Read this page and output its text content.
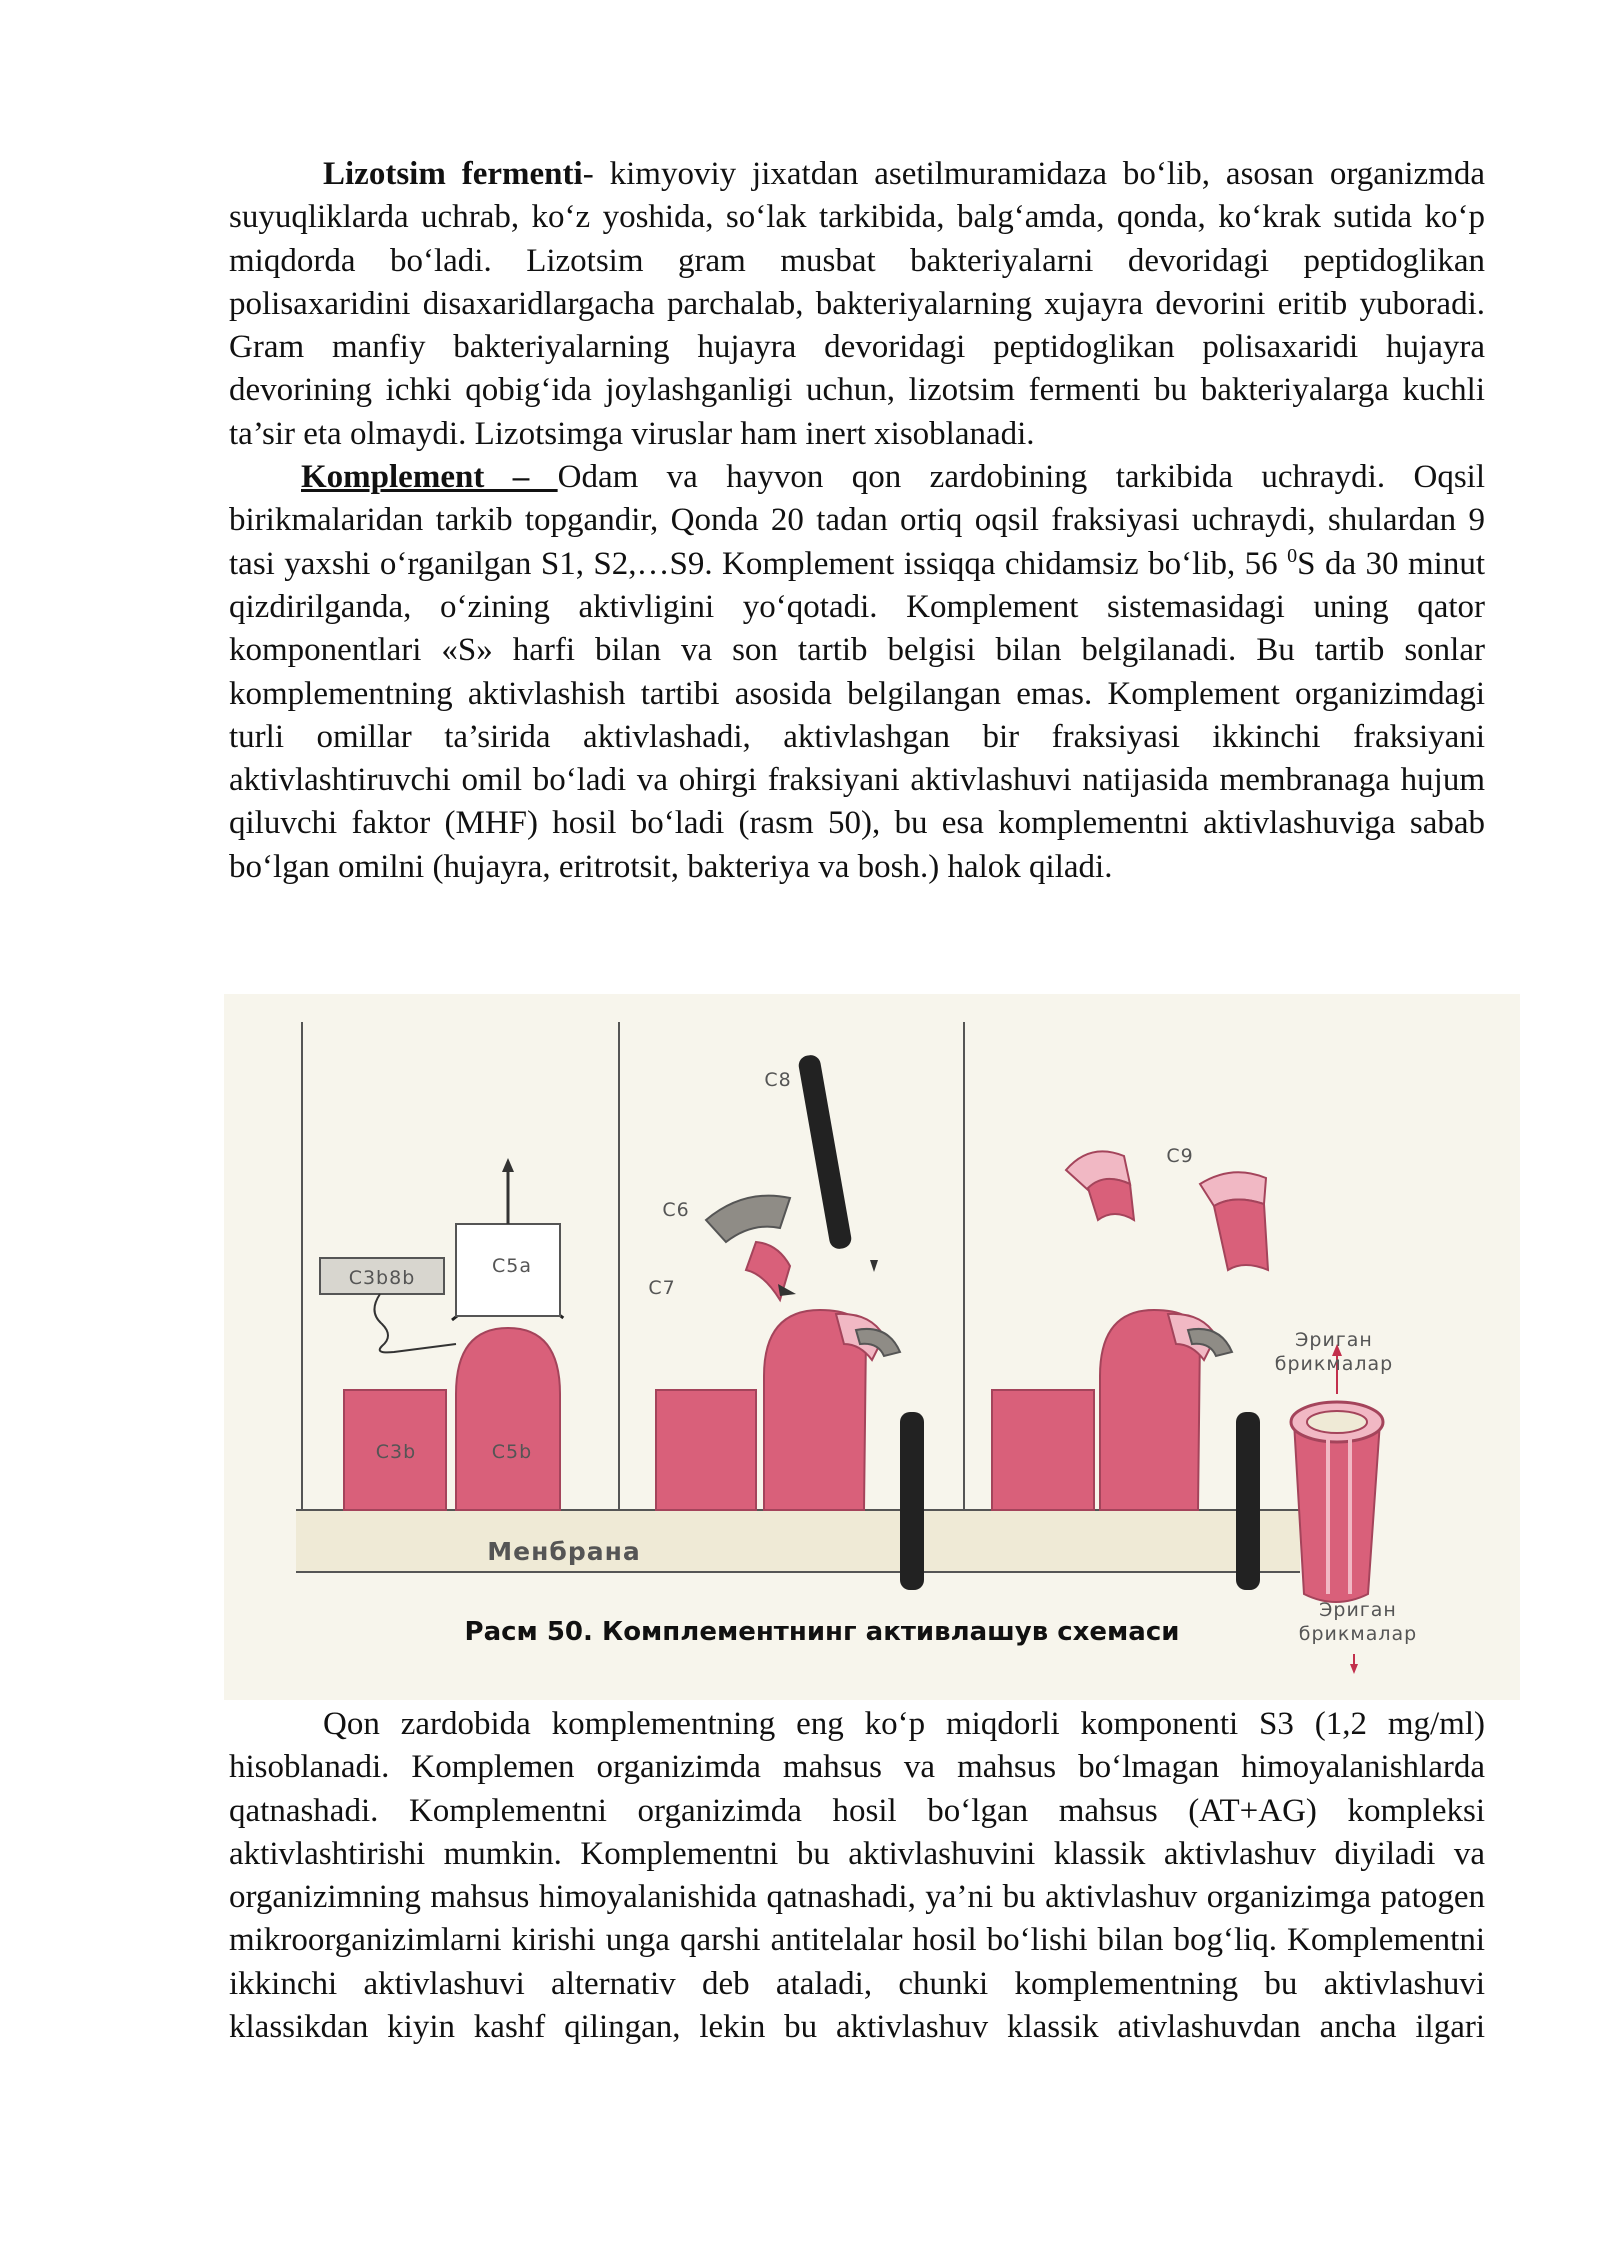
Lizotsim fermenti- kimyoviy jixatdan asetilmuramidaza bo‘lib, asosan organizmda suyuqliklarda uchrab, ko‘z yoshida, so‘lak tarkibida, balg‘amda, qonda, ko‘krak sutida ko‘p miqdorda bo‘ladi. Lizotsim gram musbat bakteriyalarni devoridagi peptidoglikan polisaxaridini disaxaridlargacha parchalab, bakteriyalarning xujayra devorini eritib yuboradi. Gram manfiy bakteriyalarning hujayra devoridagi peptidoglikan polisaxaridi hujayra devorining ichki qobig‘ida joylashganligi uchun, lizotsim fermenti bu bakteriyalarga kuchli ta’sir eta olmaydi. Lizotsimga viruslar ham inert xisoblanadi.

Komplement – Odam va hayvon qon zardobining tarkibida uchraydi. Oqsil birikmalaridan tarkib topgandir, Qonda 20 tadan ortiq oqsil fraksiyasi uchraydi, shulardan 9 tasi yaxshi o‘rganilgan S1, S2,…S9. Komplement issiqqa chidamsiz bo‘lib, 56 $^0$S da 30 minut qizdirilganda, o‘zining aktivligini yo‘qotadi. Komplement sistemasidagi uning qator komponentlari «S» harfi bilan va son tartib belgisi bilan belgilanadi. Bu tartib sonlar komplementning aktivlashish tartibi asosida belgilangan emas. Komplement organizimdagi turli omillar ta’sirida aktivlashadi, aktivlashgan bir fraksiyasi ikkinchi fraksiyani aktivlashtiruvchi omil bo‘ladi va ohirgi fraksiyani aktivlashuvi natijasida membranaga hujum qiluvchi faktor (MHF) hosil bo‘ladi (rasm 50), bu esa komplementni aktivlashuviga sabab bo‘lgan omilni (hujayra, eritrotsit, bakteriya va bosh.) halok qiladi.

C3b8b
C5a
C3b	C5b
C8
C6
C7
C9
Эриган
брикмалар
Эриган
брикмалар
Менбрана
Расм 50. Комплементнинг активлашув схемаси

Qon zardobida komplementning eng ko‘p miqdorli komponenti S3 (1,2 mg/ml) hisoblanadi. Komplemen organizimda mahsus va mahsus bo‘lmagan himoyalanishlarda qatnashadi. Komplementni organizimda hosil bo‘lgan mahsus (AT+AG) kompleksi aktivlashtirishi mumkin. Komplementni bu aktivlashuvini klassik aktivlashuv diyiladi va organizimning mahsus himoyalanishida qatnashadi, ya’ni bu aktivlashuv organizimga patogen mikroorganizimlarni kirishi unga qarshi antitelalar hosil bo‘lishi bilan bog‘liq. Komplementni ikkinchi aktivlashuvi alternativ deb ataladi, chunki komplementning bu aktivlashuvi klassikdan kiyin kashf qilingan, lekin bu aktivlashuv klassik ativlashuvdan ancha ilgari
